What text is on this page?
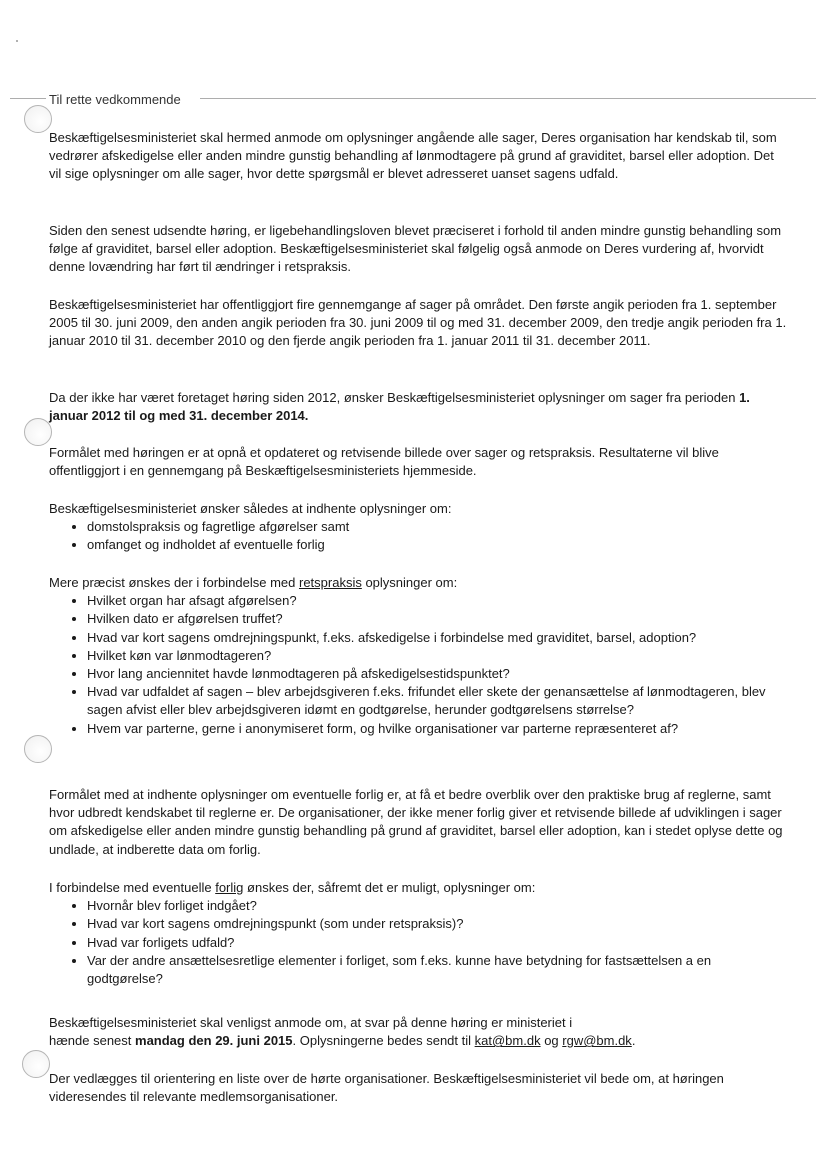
Til rette vedkommende

Beskæftigelsesministeriet skal hermed anmode om oplysninger angående alle sager, Deres organisation har kendskab til, som vedrører afskedigelse eller anden mindre gunstig behandling af lønmodtagere på grund af graviditet, barsel eller adoption. Det vil sige oplysninger om alle sager, hvor dette spørgsmål er blevet adresseret uanset sagens udfald.

Siden den senest udsendte høring, er ligebehandlingsloven blevet præciseret i forhold til anden mindre gunstig behandling som følge af graviditet, barsel eller adoption. Beskæftigelsesministeriet skal følgelig også anmode on Deres vurdering af, hvorvidt denne lovændring har ført til ændringer i retspraksis.

Beskæftigelsesministeriet har offentliggjort fire gennemgange af sager på området. Den første angik perioden fra 1. september 2005 til 30. juni 2009, den anden angik perioden fra 30. juni 2009 til og med 31. december 2009, den tredje angik perioden fra 1. januar 2010 til 31. december 2010 og den fjerde angik perioden fra 1. januar 2011 til 31. december 2011.

Da der ikke har været foretaget høring siden 2012, ønsker Beskæftigelsesministeriet oplysninger om sager fra perioden 1. januar 2012 til og med 31. december 2014.

Formålet med høringen er at opnå et opdateret og retvisende billede over sager og retspraksis. Resultaterne vil blive offentliggjort i en gennemgang på Beskæftigelsesministeriets hjemmeside.

Beskæftigelsesministeriet ønsker således at indhente oplysninger om:

• domstolspraksis og fagretlige afgørelser samt
• omfanget og indholdet af eventuelle forlig

Mere præcist ønskes der i forbindelse med retspraksis oplysninger om:

• Hvilket organ har afsagt afgørelsen?
• Hvilken dato er afgørelsen truffet?
• Hvad var kort sagens omdrejningspunkt, f.eks. afskedigelse i forbindelse med graviditet, barsel, adoption?
• Hvilket køn var lønmodtageren?
• Hvor lang anciennitet havde lønmodtageren på afskedigelsestidspunktet?
• Hvad var udfaldet af sagen – blev arbejdsgiveren f.eks. frifundet eller skete der genansættelse af lønmodtageren, blev sagen afvist eller blev arbejdsgiveren idømt en godtgørelse, herunder godtgørelsens størrelse?
• Hvem var parterne, gerne i anonymiseret form, og hvilke organisationer var parterne repræsenteret af?

Formålet med at indhente oplysninger om eventuelle forlig er, at få et bedre overblik over den praktiske brug af reglerne, samt hvor udbredt kendskabet til reglerne er. De organisationer, der ikke mener forlig giver et retvisende billede af udviklingen i sager om afskedigelse eller anden mindre gunstig behandling på grund af graviditet, barsel eller adoption, kan i stedet oplyse dette og undlade, at indberette data om forlig.

I forbindelse med eventuelle forlig ønskes der, såfremt det er muligt, oplysninger om:

• Hvornår blev forliget indgået?
• Hvad var kort sagens omdrejningspunkt (som under retspraksis)?
• Hvad var forligets udfald?
• Var der andre ansættelsesretlige elementer i forliget, som f.eks. kunne have betydning for fastsættelsen a en godtgørelse?

Beskæftigelsesministeriet skal venligst anmode om, at svar på denne høring er ministeriet i

hænde senest mandag den 29. juni 2015. Oplysningerne bedes sendt til kat@bm.dk og rgw@bm.dk.

Der vedlægges til orientering en liste over de hørte organisationer. Beskæftigelsesministeriet vil bede om, at høringen videresendes til relevante medlemsorganisationer.
